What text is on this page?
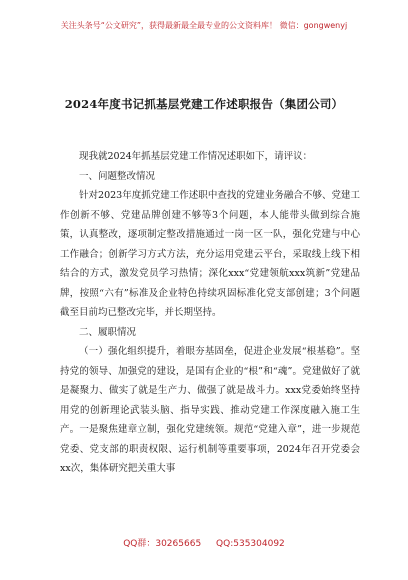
关注头条号“公文研究”，获得最新最全最专业的公文资料库！ 微信：gongwenyj
2024年度书记抓基层党建工作述职报告（集团公司）

现我就2024年抓基层党建工作情况述职如下，请评议：

一、问题整改情况

针对2023年度抓党建工作述职中查找的党建业务融合不够、党建工作创新不够、党建品牌创建不够等3个问题，本人能带头做到综合施策，认真整改，逐项制定整改措施通过一岗一区一队，强化党建与中心工作融合；创新学习方式方法，充分运用党建云平台，采取线上线下相结合的方式，激发党员学习热情；深化xxx“党建领航xxx筑新”党建品牌，按照“六有”标准及企业特色持续巩固标准化党支部创建；3个问题截至目前均已整改完毕，并长期坚持。

二、履职情况

（一）强化组织提升，着眼夯基固垒，促进企业发展“根基稳”。坚持党的领导、加强党的建设，是国有企业的“根”和“魂”。党建做好了就是凝聚力、做实了就是生产力、做强了就是战斗力。xxx党委始终坚持用党的创新理论武装头脑、指导实践、推动党建工作深度融入施工生产。一是聚焦建章立制，强化党建统领。规范“党建入章”，进一步规范党委、党支部的职责权限、运行机制等重要事项，2024年召开党委会xx次，集体研究把关重大事

QQ群：30265665 QQ:535304092
